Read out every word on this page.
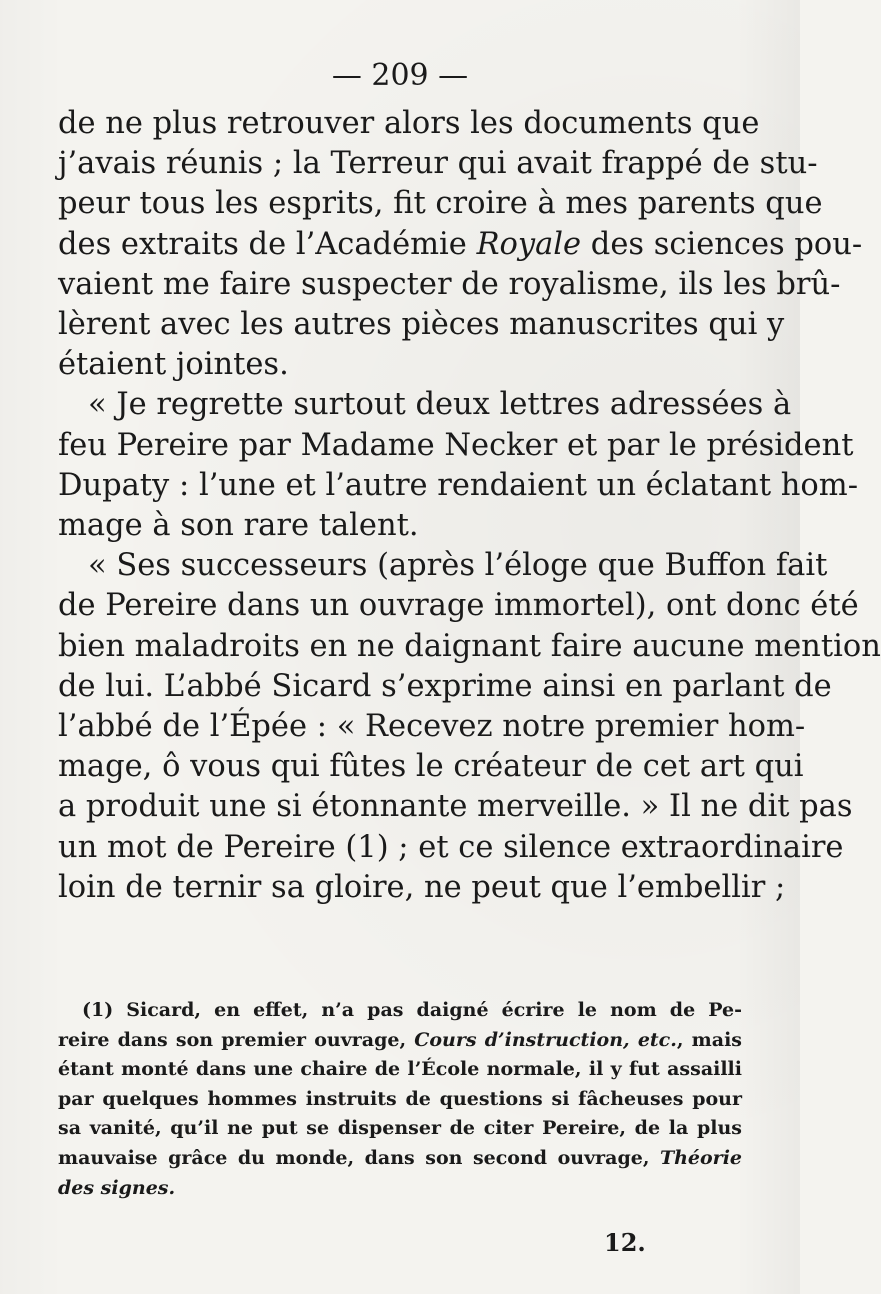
— 209 —
de ne plus retrouver alors les documents que
j’avais réunis ; la Terreur qui avait frappé de stu-
peur tous les esprits, fit croire à mes parents que
des extraits de l’Académie Royale des sciences pou-
vaient me faire suspecter de royalisme, ils les brû-
lèrent avec les autres pièces manuscrites qui y
étaient jointes.
« Je regrette surtout deux lettres adressées à
feu Pereire par Madame Necker et par le président
Dupaty : l’une et l’autre rendaient un éclatant hom-
mage à son rare talent.
« Ses successeurs (après l’éloge que Buffon fait
de Pereire dans un ouvrage immortel), ont donc été
bien maladroits en ne daignant faire aucune mention
de lui. L’abbé Sicard s’exprime ainsi en parlant de
l’abbé de l’Épée : « Recevez notre premier hom-
mage, ô vous qui fûtes le créateur de cet art qui
a produit une si étonnante merveille. » Il ne dit pas
un mot de Pereire (1) ; et ce silence extraordinaire
loin de ternir sa gloire, ne peut que l’embellir ;
(1) Sicard, en effet, n’a pas daigné écrire le nom de Pe-
reire dans son premier ouvrage, Cours d’instruction, etc., mais
étant monté dans une chaire de l’École normale, il y fut assailli
par quelques hommes instruits de questions si fâcheuses pour
sa vanité, qu’il ne put se dispenser de citer Pereire, de la plus
mauvaise grâce du monde, dans son second ouvrage, Théorie
des signes.
12.
